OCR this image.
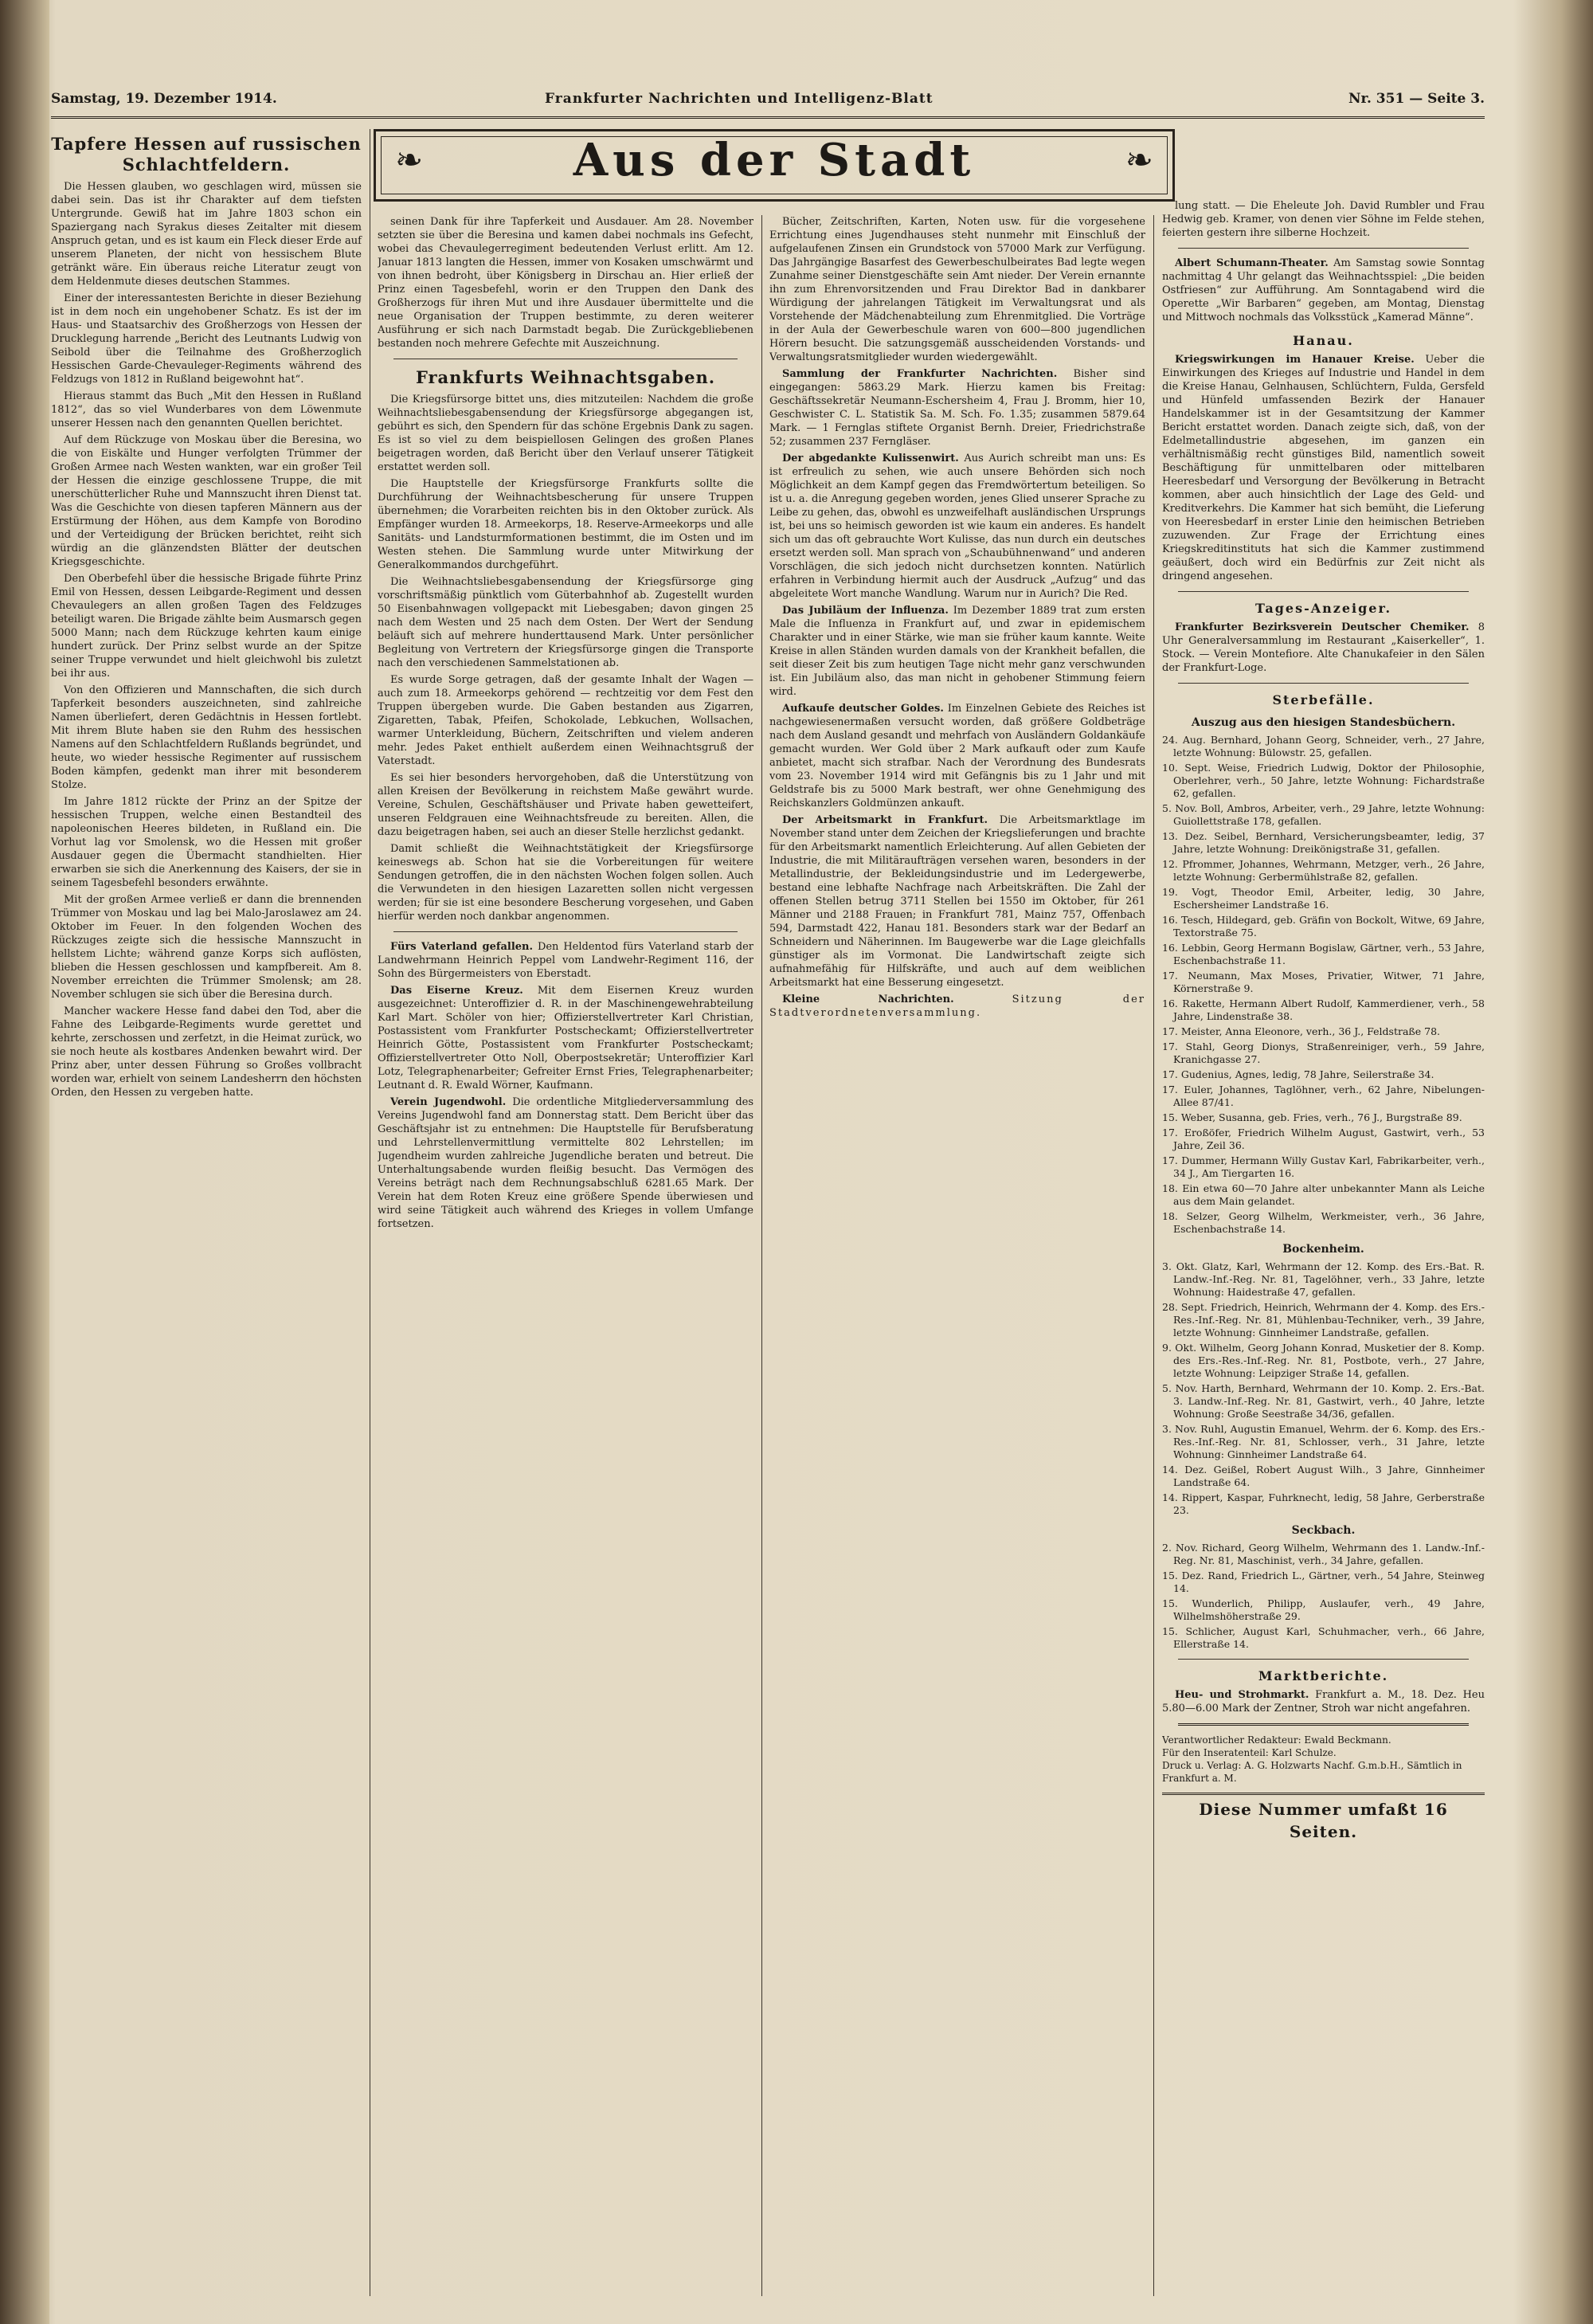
Samstag, 19. Dezember 1914.	Frankfurter Nachrichten und Intelligenz-Blatt	Nr. 351 — Seite 3.
❧	Aus der Stadt	❧
Tapfere Hessen auf russischen Schlachtfeldern.

Die Hessen glauben, wo geschlagen wird, müssen sie dabei sein. Das ist ihr Charakter auf dem tiefsten Untergrunde. Gewiß hat im Jahre 1803 schon ein Spaziergang nach Syrakus dieses Zeitalter mit diesem Anspruch getan, und es ist kaum ein Fleck dieser Erde auf unserem Planeten, der nicht von hessischem Blute getränkt wäre. Ein überaus reiche Literatur zeugt von dem Heldenmute dieses deutschen Stammes.

Einer der interessantesten Berichte in dieser Beziehung ist in dem noch ein ungehobener Schatz. Es ist der im Haus- und Staatsarchiv des Großherzogs von Hessen der Drucklegung harrende „Bericht des Leutnants Ludwig von Seibold über die Teilnahme des Großherzoglich Hessischen Garde-Chevauleger-Regiments während des Feldzugs von 1812 in Rußland beigewohnt hat“.

Hieraus stammt das Buch „Mit den Hessen in Rußland 1812“, das so viel Wunderbares von dem Löwenmute unserer Hessen nach den genannten Quellen berichtet.

Auf dem Rückzuge von Moskau über die Beresina, wo die von Eiskälte und Hunger verfolgten Trümmer der Großen Armee nach Westen wankten, war ein großer Teil der Hessen die einzige geschlossene Truppe, die mit unerschütterlicher Ruhe und Mannszucht ihren Dienst tat. Was die Geschichte von diesen tapferen Männern aus der Erstürmung der Höhen, aus dem Kampfe von Borodino und der Verteidigung der Brücken berichtet, reiht sich würdig an die glänzendsten Blätter der deutschen Kriegsgeschichte.

Den Oberbefehl über die hessische Brigade führte Prinz Emil von Hessen, dessen Leibgarde-Regiment und dessen Chevaulegers an allen großen Tagen des Feldzuges beteiligt waren. Die Brigade zählte beim Ausmarsch gegen 5000 Mann; nach dem Rückzuge kehrten kaum einige hundert zurück. Der Prinz selbst wurde an der Spitze seiner Truppe verwundet und hielt gleichwohl bis zuletzt bei ihr aus.

Von den Offizieren und Mannschaften, die sich durch Tapferkeit besonders auszeichneten, sind zahlreiche Namen überliefert, deren Gedächtnis in Hessen fortlebt. Mit ihrem Blute haben sie den Ruhm des hessischen Namens auf den Schlachtfeldern Rußlands begründet, und heute, wo wieder hessische Regimenter auf russischem Boden kämpfen, gedenkt man ihrer mit besonderem Stolze.

Im Jahre 1812 rückte der Prinz an der Spitze der hessischen Truppen, welche einen Bestandteil des napoleonischen Heeres bildeten, in Rußland ein. Die Vorhut lag vor Smolensk, wo die Hessen mit großer Ausdauer gegen die Übermacht standhielten. Hier erwarben sie sich die Anerkennung des Kaisers, der sie in seinem Tagesbefehl besonders erwähnte.

Mit der großen Armee verließ er dann die brennenden Trümmer von Moskau und lag bei Malo-Jaroslawez am 24. Oktober im Feuer. In den folgenden Wochen des Rückzuges zeigte sich die hessische Mannszucht in hellstem Lichte; während ganze Korps sich auflösten, blieben die Hessen geschlossen und kampfbereit. Am 8. November erreichten die Trümmer Smolensk; am 28. November schlugen sie sich über die Beresina durch.

Mancher wackere Hesse fand dabei den Tod, aber die Fahne des Leibgarde-Regiments wurde gerettet und kehrte, zerschossen und zerfetzt, in die Heimat zurück, wo sie noch heute als kostbares Andenken bewahrt wird. Der Prinz aber, unter dessen Führung so Großes vollbracht worden war, erhielt von seinem Landesherrn den höchsten Orden, den Hessen zu vergeben hatte.

seinen Dank für ihre Tapferkeit und Ausdauer. Am 28. November setzten sie über die Beresina und kamen dabei nochmals ins Gefecht, wobei das Chevaulegerregiment bedeutenden Verlust erlitt. Am 12. Januar 1813 langten die Hessen, immer von Kosaken umschwärmt und von ihnen bedroht, über Königsberg in Dirschau an. Hier erließ der Prinz einen Tagesbefehl, worin er den Truppen den Dank des Großherzogs für ihren Mut und ihre Ausdauer übermittelte und die neue Organisation der Truppen bestimmte, zu deren weiterer Ausführung er sich nach Darmstadt begab. Die Zurückgebliebenen bestanden noch mehrere Gefechte mit Auszeichnung.

Frankfurts Weihnachtsgaben.

Die Kriegsfürsorge bittet uns, dies mitzuteilen: Nachdem die große Weihnachtsliebesgabensendung der Kriegsfürsorge abgegangen ist, gebührt es sich, den Spendern für das schöne Ergebnis Dank zu sagen. Es ist so viel zu dem beispiellosen Gelingen des großen Planes beigetragen worden, daß Bericht über den Verlauf unserer Tätigkeit erstattet werden soll.

Die Hauptstelle der Kriegsfürsorge Frankfurts sollte die Durchführung der Weihnachtsbescherung für unsere Truppen übernehmen; die Vorarbeiten reichten bis in den Oktober zurück. Als Empfänger wurden 18. Armeekorps, 18. Reserve-Armeekorps und alle Sanitäts- und Landsturmformationen bestimmt, die im Osten und im Westen stehen. Die Sammlung wurde unter Mitwirkung der Generalkommandos durchgeführt.

Die Weihnachtsliebesgabensendung der Kriegsfürsorge ging vorschriftsmäßig pünktlich vom Güterbahnhof ab. Zugestellt wurden 50 Eisenbahnwagen vollgepackt mit Liebesgaben; davon gingen 25 nach dem Westen und 25 nach dem Osten. Der Wert der Sendung beläuft sich auf mehrere hunderttausend Mark. Unter persönlicher Begleitung von Vertretern der Kriegsfürsorge gingen die Transporte nach den verschiedenen Sammelstationen ab.

Es wurde Sorge getragen, daß der gesamte Inhalt der Wagen — auch zum 18. Armeekorps gehörend — rechtzeitig vor dem Fest den Truppen übergeben wurde. Die Gaben bestanden aus Zigarren, Zigaretten, Tabak, Pfeifen, Schokolade, Lebkuchen, Wollsachen, warmer Unterkleidung, Büchern, Zeitschriften und vielem anderen mehr. Jedes Paket enthielt außerdem einen Weihnachtsgruß der Vaterstadt.

Es sei hier besonders hervorgehoben, daß die Unterstützung von allen Kreisen der Bevölkerung in reichstem Maße gewährt wurde. Vereine, Schulen, Geschäftshäuser und Private haben gewetteifert, unseren Feldgrauen eine Weihnachtsfreude zu bereiten. Allen, die dazu beigetragen haben, sei auch an dieser Stelle herzlichst gedankt.

Damit schließt die Weihnachtstätigkeit der Kriegsfürsorge keineswegs ab. Schon hat sie die Vorbereitungen für weitere Sendungen getroffen, die in den nächsten Wochen folgen sollen. Auch die Verwundeten in den hiesigen Lazaretten sollen nicht vergessen werden; für sie ist eine besondere Bescherung vorgesehen, und Gaben hierfür werden noch dankbar angenommen.

Fürs Vaterland gefallen. Den Heldentod fürs Vaterland starb der Landwehrmann Heinrich Peppel vom Landwehr-Regiment 116, der Sohn des Bürgermeisters von Eberstadt.

Das Eiserne Kreuz. Mit dem Eisernen Kreuz wurden ausgezeichnet: Unteroffizier d. R. in der Maschinengewehrabteilung Karl Mart. Schöler von hier; Offizierstellvertreter Karl Christian, Postassistent vom Frankfurter Postscheckamt; Offizierstellvertreter Heinrich Götte, Postassistent vom Frankfurter Postscheckamt; Offizierstellvertreter Otto Noll, Oberpostsekretär; Unteroffizier Karl Lotz, Telegraphenarbeiter; Gefreiter Ernst Fries, Telegraphenarbeiter; Leutnant d. R. Ewald Wörner, Kaufmann.

Verein Jugendwohl. Die ordentliche Mitgliederversammlung des Vereins Jugendwohl fand am Donnerstag statt. Dem Bericht über das Geschäftsjahr ist zu entnehmen: Die Hauptstelle für Berufsberatung und Lehrstellenvermittlung vermittelte 802 Lehrstellen; im Jugendheim wurden zahlreiche Jugendliche beraten und betreut. Die Unterhaltungsabende wurden fleißig besucht. Das Vermögen des Vereins beträgt nach dem Rechnungsabschluß 6281.65 Mark. Der Verein hat dem Roten Kreuz eine größere Spende überwiesen und wird seine Tätigkeit auch während des Krieges in vollem Umfange fortsetzen.

Bücher, Zeitschriften, Karten, Noten usw. für die vorgesehene Errichtung eines Jugendhauses steht nunmehr mit Einschluß der aufgelaufenen Zinsen ein Grundstock von 57000 Mark zur Verfügung. Das Jahrgängige Basarfest des Gewerbeschulbeirates Bad legte wegen Zunahme seiner Dienstgeschäfte sein Amt nieder. Der Verein ernannte ihn zum Ehrenvorsitzenden und Frau Direktor Bad in dankbarer Würdigung der jahrelangen Tätigkeit im Verwaltungsrat und als Vorstehende der Mädchenabteilung zum Ehrenmitglied. Die Vorträge in der Aula der Gewerbeschule waren von 600—800 jugendlichen Hörern besucht. Die satzungsgemäß ausscheidenden Vorstands- und Verwaltungsratsmitglieder wurden wiedergewählt.

Sammlung der Frankfurter Nachrichten. Bisher sind eingegangen: 5863.29 Mark. Hierzu kamen bis Freitag: Geschäftssekretär Neumann-Eschersheim 4, Frau J. Bromm, hier 10, Geschwister C. L. Statistik Sa. M. Sch. Fo. 1.35; zusammen 5879.64 Mark. — 1 Fernglas stiftete Organist Bernh. Dreier, Friedrichstraße 52; zusammen 237 Ferngläser.

Der abgedankte Kulissenwirt. Aus Aurich schreibt man uns: Es ist erfreulich zu sehen, wie auch unsere Behörden sich noch Möglichkeit an dem Kampf gegen das Fremdwörtertum beteiligen. So ist u. a. die Anregung gegeben worden, jenes Glied unserer Sprache zu Leibe zu gehen, das, obwohl es unzweifelhaft ausländischen Ursprungs ist, bei uns so heimisch geworden ist wie kaum ein anderes. Es handelt sich um das oft gebrauchte Wort Kulisse, das nun durch ein deutsches ersetzt werden soll. Man sprach von „Schaubühnenwand“ und anderen Vorschlägen, die sich jedoch nicht durchsetzen konnten. Natürlich erfahren in Verbindung hiermit auch der Ausdruck „Aufzug“ und das abgeleitete Wort manche Wandlung. Warum nur in Aurich? Die Red.

Das Jubiläum der Influenza. Im Dezember 1889 trat zum ersten Male die Influenza in Frankfurt auf, und zwar in epidemischem Charakter und in einer Stärke, wie man sie früher kaum kannte. Weite Kreise in allen Ständen wurden damals von der Krankheit befallen, die seit dieser Zeit bis zum heutigen Tage nicht mehr ganz verschwunden ist. Ein Jubiläum also, das man nicht in gehobener Stimmung feiern wird.

Aufkaufe deutscher Goldes. Im Einzelnen Gebiete des Reiches ist nachgewiesenermaßen versucht worden, daß größere Goldbeträge nach dem Ausland gesandt und mehrfach von Ausländern Goldankäufe gemacht wurden. Wer Gold über 2 Mark aufkauft oder zum Kaufe anbietet, macht sich strafbar. Nach der Verordnung des Bundesrats vom 23. November 1914 wird mit Gefängnis bis zu 1 Jahr und mit Geldstrafe bis zu 5000 Mark bestraft, wer ohne Genehmigung des Reichskanzlers Goldmünzen ankauft.

Der Arbeitsmarkt in Frankfurt. Die Arbeitsmarktlage im November stand unter dem Zeichen der Kriegslieferungen und brachte für den Arbeitsmarkt namentlich Erleichterung. Auf allen Gebieten der Industrie, die mit Militäraufträgen versehen waren, besonders in der Metallindustrie, der Bekleidungsindustrie und im Ledergewerbe, bestand eine lebhafte Nachfrage nach Arbeitskräften. Die Zahl der offenen Stellen betrug 3711 Stellen bei 1550 im Oktober, für 261 Männer und 2188 Frauen; in Frankfurt 781, Mainz 757, Offenbach 594, Darmstadt 422, Hanau 181. Besonders stark war der Bedarf an Schneidern und Näherinnen. Im Baugewerbe war die Lage gleichfalls günstiger als im Vormonat. Die Landwirtschaft zeigte sich aufnahmefähig für Hilfskräfte, und auch auf dem weiblichen Arbeitsmarkt hat eine Besserung eingesetzt.

Kleine Nachrichten.	Sitzung der Stadtverordnetenversammlung.

lung statt. — Die Eheleute Joh. David Rumbler und Frau Hedwig geb. Kramer, von denen vier Söhne im Felde stehen, feierten gestern ihre silberne Hochzeit.

Albert Schumann-Theater. Am Samstag sowie Sonntag nachmittag 4 Uhr gelangt das Weihnachtsspiel: „Die beiden Ostfriesen“ zur Aufführung. Am Sonntagabend wird die Operette „Wir Barbaren“ gegeben, am Montag, Dienstag und Mittwoch nochmals das Volksstück „Kamerad Männe“.

Hanau.

Kriegswirkungen im Hanauer Kreise. Ueber die Einwirkungen des Krieges auf Industrie und Handel in dem die Kreise Hanau, Gelnhausen, Schlüchtern, Fulda, Gersfeld und Hünfeld umfassenden Bezirk der Hanauer Handelskammer ist in der Gesamtsitzung der Kammer Bericht erstattet worden. Danach zeigte sich, daß, von der Edelmetallindustrie abgesehen, im ganzen ein verhältnismäßig recht günstiges Bild, namentlich soweit Beschäftigung für unmittelbaren oder mittelbaren Heeresbedarf und Versorgung der Bevölkerung in Betracht kommen, aber auch hinsichtlich der Lage des Geld- und Kreditverkehrs. Die Kammer hat sich bemüht, die Lieferung von Heeresbedarf in erster Linie den heimischen Betrieben zuzuwenden. Zur Frage der Errichtung eines Kriegskreditinstituts hat sich die Kammer zustimmend geäußert, doch wird ein Bedürfnis zur Zeit nicht als dringend angesehen.

Tages-Anzeiger.

Frankfurter Bezirksverein Deutscher Chemiker. 8 Uhr Generalversammlung im Restaurant „Kaiserkeller“, 1. Stock. — Verein Montefiore. Alte Chanukafeier in den Sälen der Frankfurt-Loge.

Sterbefälle.
Auszug aus den hiesigen Standesbüchern.
24. Aug. Bernhard, Johann Georg, Schneider, verh., 27 Jahre, letzte Wohnung: Bülowstr. 25, gefallen.
10. Sept. Weise, Friedrich Ludwig, Doktor der Philosophie, Oberlehrer, verh., 50 Jahre, letzte Wohnung: Fichardstraße 62, gefallen.
5. Nov. Boll, Ambros, Arbeiter, verh., 29 Jahre, letzte Wohnung: Guiollettstraße 178, gefallen.
13. Dez. Seibel, Bernhard, Versicherungsbeamter, ledig, 37 Jahre, letzte Wohnung: Dreikönigstraße 31, gefallen.
12. Pfrommer, Johannes, Wehrmann, Metzger, verh., 26 Jahre, letzte Wohnung: Gerbermühlstraße 82, gefallen.
19. Vogt, Theodor Emil, Arbeiter, ledig, 30 Jahre, Eschersheimer Landstraße 16.
16. Tesch, Hildegard, geb. Gräfin von Bockolt, Witwe, 69 Jahre, Textorstraße 75.
16. Lebbin, Georg Hermann Bogislaw, Gärtner, verh., 53 Jahre, Eschenbachstraße 11.
17. Neumann, Max Moses, Privatier, Witwer, 71 Jahre, Körnerstraße 9.
16. Rakette, Hermann Albert Rudolf, Kammerdiener, verh., 58 Jahre, Lindenstraße 38.
17. Meister, Anna Eleonore, verh., 36 J., Feldstraße 78.
17. Stahl, Georg Dionys, Straßenreiniger, verh., 59 Jahre, Kranichgasse 27.
17. Gudenius, Agnes, ledig, 78 Jahre, Seilerstraße 34.
17. Euler, Johannes, Taglöhner, verh., 62 Jahre, Nibelungen-Allee 87/41.
15. Weber, Susanna, geb. Fries, verh., 76 J., Burgstraße 89.
17. Eroßöfer, Friedrich Wilhelm August, Gastwirt, verh., 53 Jahre, Zeil 36.
17. Dummer, Hermann Willy Gustav Karl, Fabrikarbeiter, verh., 34 J., Am Tiergarten 16.
18. Ein etwa 60—70 Jahre alter unbekannter Mann als Leiche aus dem Main gelandet.
18. Selzer, Georg Wilhelm, Werkmeister, verh., 36 Jahre, Eschenbachstraße 14.
Bockenheim.
3. Okt. Glatz, Karl, Wehrmann der 12. Komp. des Ers.-Bat. R. Landw.-Inf.-Reg. Nr. 81, Tagelöhner, verh., 33 Jahre, letzte Wohnung: Haidestraße 47, gefallen.
28. Sept. Friedrich, Heinrich, Wehrmann der 4. Komp. des Ers.-Res.-Inf.-Reg. Nr. 81, Mühlenbau-Techniker, verh., 39 Jahre, letzte Wohnung: Ginnheimer Landstraße, gefallen.
9. Okt. Wilhelm, Georg Johann Konrad, Musketier der 8. Komp. des Ers.-Res.-Inf.-Reg. Nr. 81, Postbote, verh., 27 Jahre, letzte Wohnung: Leipziger Straße 14, gefallen.
5. Nov. Harth, Bernhard, Wehrmann der 10. Komp. 2. Ers.-Bat. 3. Landw.-Inf.-Reg. Nr. 81, Gastwirt, verh., 40 Jahre, letzte Wohnung: Große Seestraße 34/36, gefallen.
3. Nov. Ruhl, Augustin Emanuel, Wehrm. der 6. Komp. des Ers.-Res.-Inf.-Reg. Nr. 81, Schlosser, verh., 31 Jahre, letzte Wohnung: Ginnheimer Landstraße 64.
14. Dez. Geißel, Robert August Wilh., 3 Jahre, Ginnheimer Landstraße 64.
14. Rippert, Kaspar, Fuhrknecht, ledig, 58 Jahre, Gerberstraße 23.
Seckbach.
2. Nov. Richard, Georg Wilhelm, Wehrmann des 1. Landw.-Inf.-Reg. Nr. 81, Maschinist, verh., 34 Jahre, gefallen.
15. Dez. Rand, Friedrich L., Gärtner, verh., 54 Jahre, Steinweg 14.
15. Wunderlich, Philipp, Auslaufer, verh., 49 Jahre, Wilhelmshöherstraße 29.
15. Schlicher, August Karl, Schuhmacher, verh., 66 Jahre, Ellerstraße 14.
Marktberichte.

Heu- und Strohmarkt. Frankfurt a. M., 18. Dez. Heu 5.80—6.00 Mark der Zentner, Stroh war nicht angefahren.

Verantwortlicher Redakteur: Ewald Beckmann.
Für den Inseratenteil: Karl Schulze.
Druck u. Verlag: A. G. Holzwarts Nachf. G.m.b.H., Sämtlich in Frankfurt a. M.
Diese Nummer umfaßt 16 Seiten.
